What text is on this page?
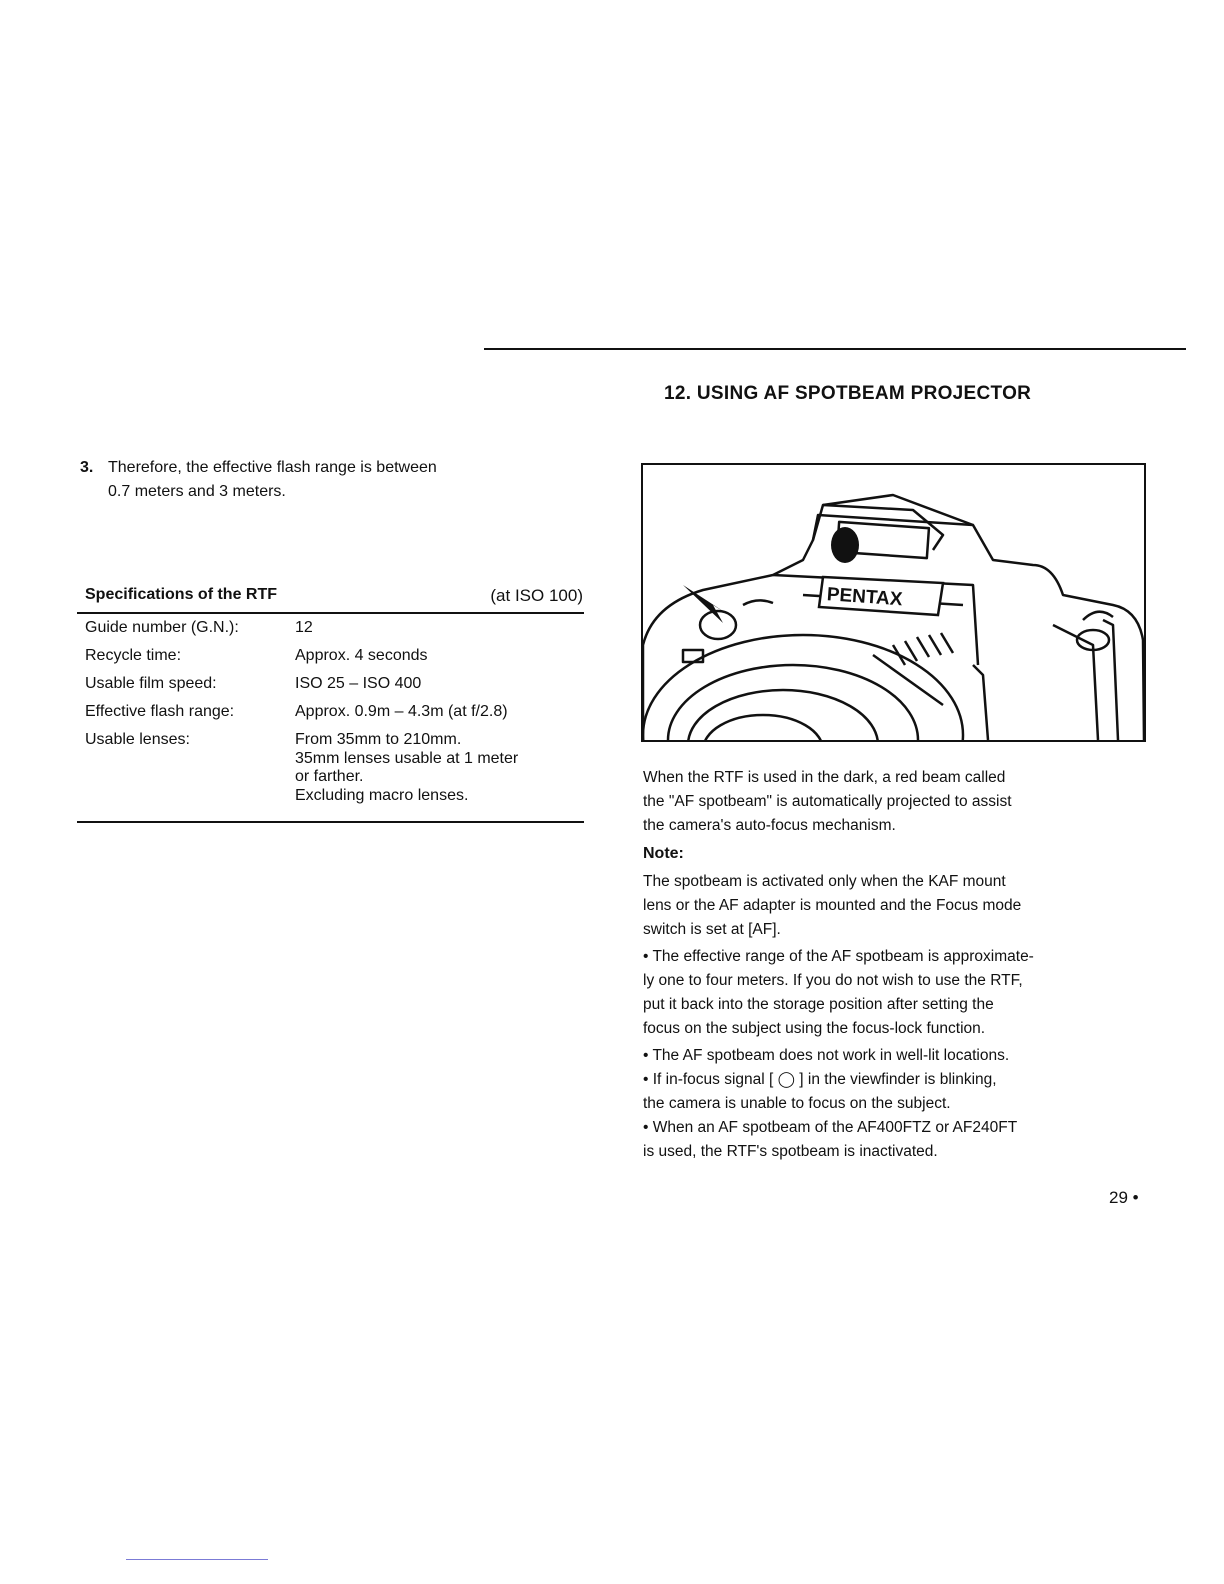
12. USING AF SPOTBEAM PROJECTOR
3. Therefore, the effective flash range is between
0.7 meters and 3 meters.
Specifications of the RTF	(at ISO 100)
Guide number (G.N.):	12
Recycle time:	Approx. 4 seconds
Usable film speed:	ISO 25 – ISO 400
Effective flash range:	Approx. 0.9m – 4.3m (at f/2.8)
Usable lenses:	From 35mm to 210mm.
35mm lenses usable at 1 meter
or farther.
Excluding macro lenses.
PENTAX
When the RTF is used in the dark, a red beam called
the "AF spotbeam" is automatically projected to assist
the camera's auto-focus mechanism.
Note:

The spotbeam is activated only when the KAF mount

lens or the AF adapter is mounted and the Focus mode

switch is set at [AF].

• The effective range of the AF spotbeam is approximate-

ly one to four meters. If you do not wish to use the RTF,

put it back into the storage position after setting the

focus on the subject using the focus-lock function.

• The AF spotbeam does not work in well-lit locations.

• If in-focus signal [ ◯ ] in the viewfinder is blinking,

the camera is unable to focus on the subject.

• When an AF spotbeam of the AF400FTZ or AF240FT

is used, the RTF's spotbeam is inactivated.

29 •
